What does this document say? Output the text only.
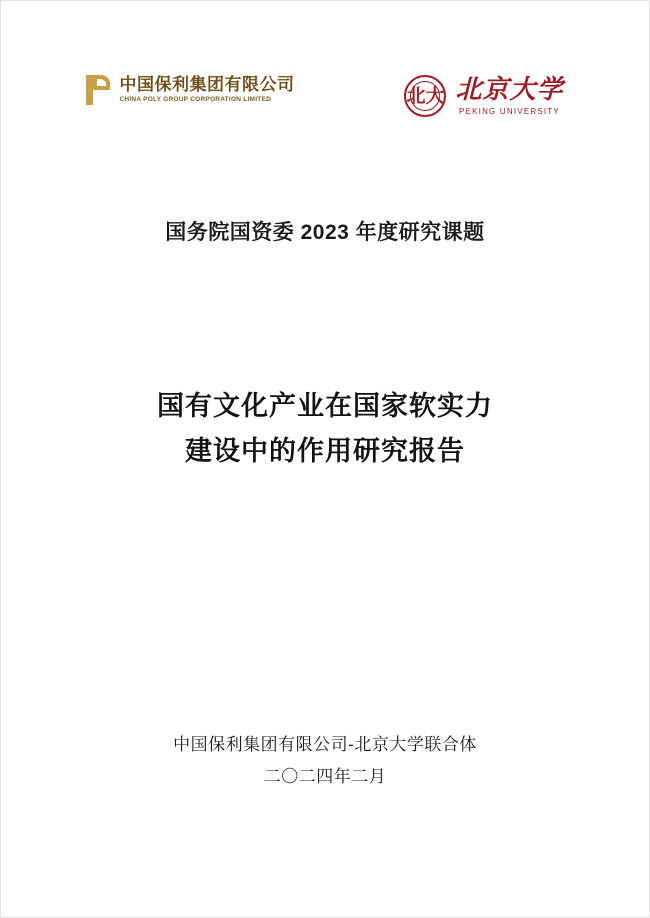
中国保利集团有限公司
CHINA POLY GROUP CORPORATION LIMITED	北大 北京大学
PEKING UNIVERSITY
国务院国资委 2023 年度研究课题
国有文化产业在国家软实力
建设中的作用研究报告
中国保利集团有限公司-北京大学联合体
二〇二四年二月
